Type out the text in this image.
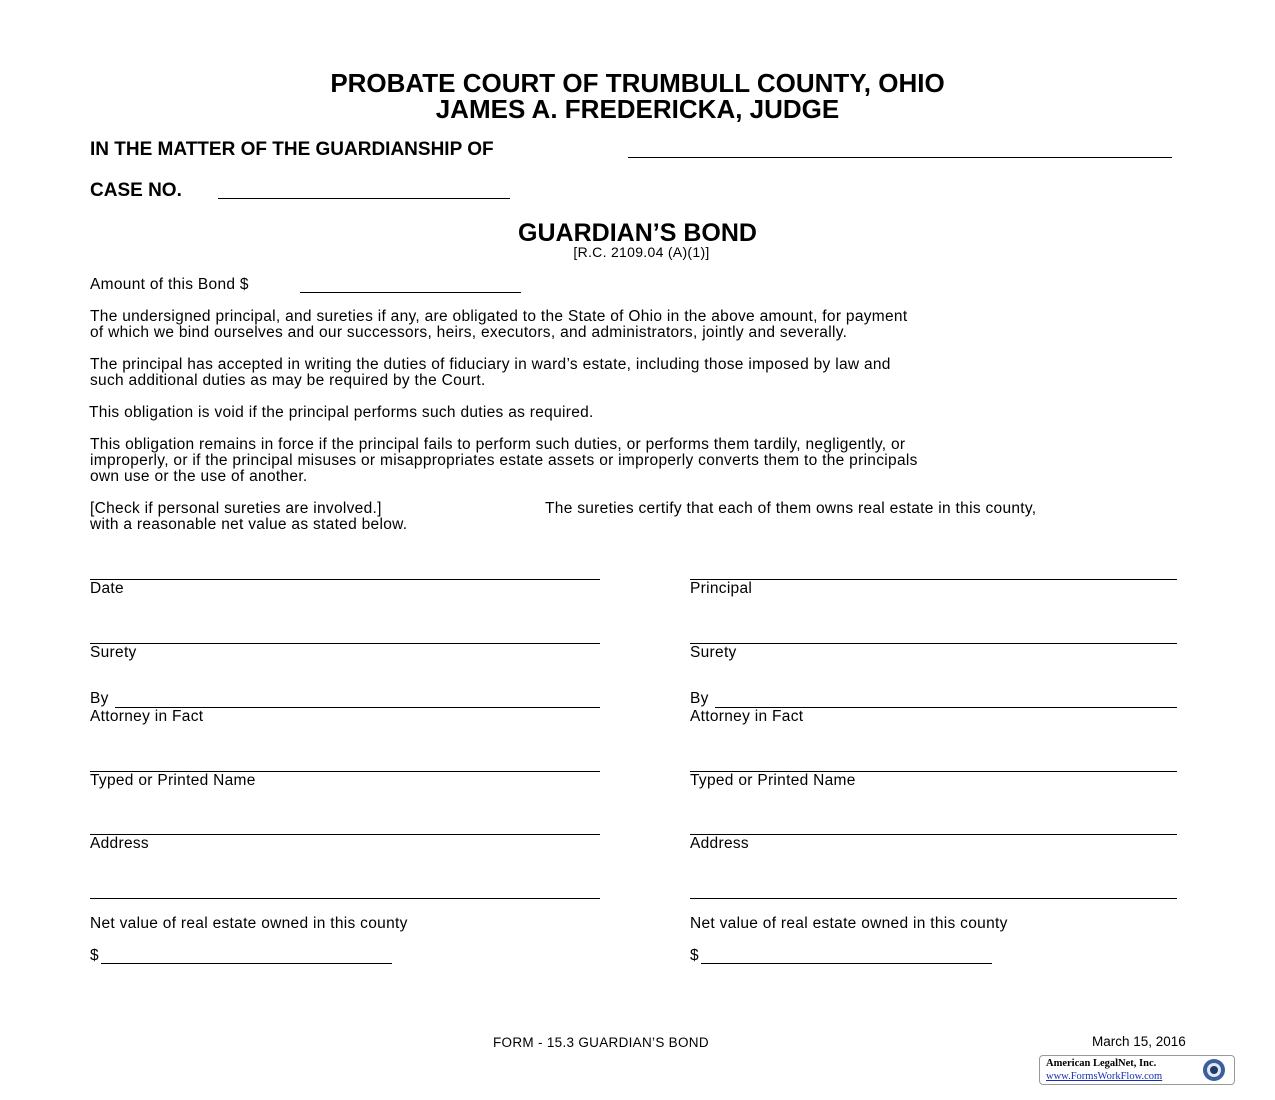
PROBATE COURT OF TRUMBULL COUNTY, OHIO
JAMES A. FREDERICKA, JUDGE
IN THE MATTER OF THE GUARDIANSHIP OF
CASE NO.
GUARDIAN’S BOND
[R.C. 2109.04 (A)(1)]
Amount of this Bond $
The undersigned principal, and sureties if any, are obligated to the State of Ohio in the above amount, for payment
of which we bind ourselves and our successors, heirs, executors, and administrators, jointly and severally.
The principal has accepted in writing the duties of fiduciary in ward’s estate, including those imposed by law and
such additional duties as may be required by the Court.
This obligation is void if the principal performs such duties as required.
This obligation remains in force if the principal fails to perform such duties, or performs them tardily, negligently, or
improperly, or if the principal misuses or misappropriates estate assets or improperly converts them to the principals
own use or the use of another.
[Check if personal sureties are involved.]	The sureties certify that each of them owns real estate in this county,
with a reasonable net value as stated below.
Date
Surety
By
Attorney in Fact
Typed or Printed Name
Address
Net value of real estate owned in this county
$
Principal
Surety
By
Attorney in Fact
Typed or Printed Name
Address
Net value of real estate owned in this county
$
FORM - 15.3 GUARDIAN’S BOND	March 15, 2016
American LegalNet, Inc.
www.FormsWorkFlow.com
